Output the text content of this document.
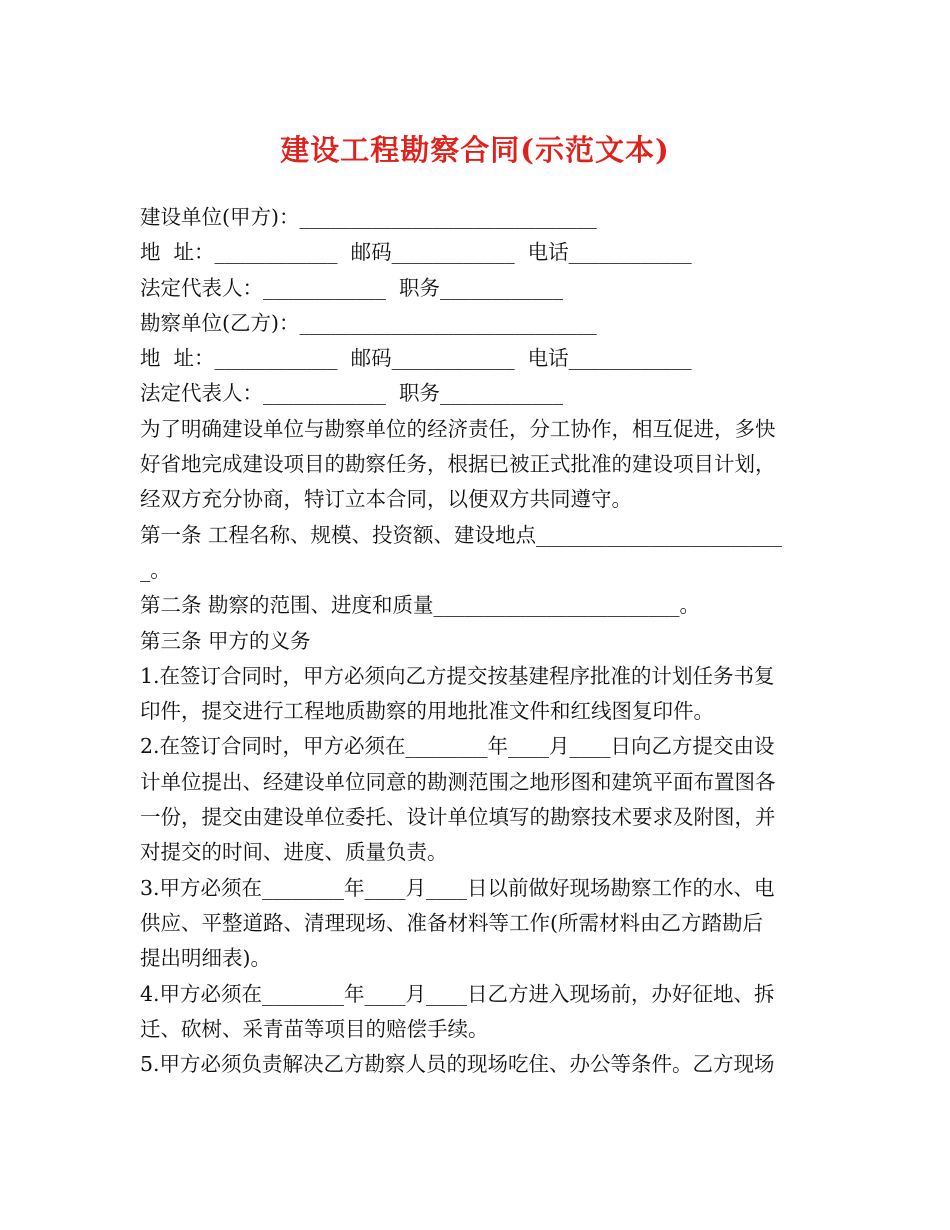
建设工程勘察合同(示范文本)
建设单位(甲方)：_____________________________
地  址：____________  邮码____________  电话____________
法定代表人：____________  职务____________
勘察单位(乙方)：_____________________________
地  址：____________  邮码____________  电话____________
法定代表人：____________  职务____________
为了明确建设单位与勘察单位的经济责任，分工协作，相互促进，多快
好省地完成建设项目的勘察任务，根据已被正式批准的建设项目计划，
经双方充分协商，特订立本合同，以便双方共同遵守。
第一条 工程名称、规模、投资额、建设地点________________________
_。
第二条 勘察的范围、进度和质量________________________。
第三条 甲方的义务
1.在签订合同时，甲方必须向乙方提交按基建程序批准的计划任务书复
印件，提交进行工程地质勘察的用地批准文件和红线图复印件。
2.在签订合同时，甲方必须在________年____月____日向乙方提交由设
计单位提出、经建设单位同意的勘测范围之地形图和建筑平面布置图各
一份，提交由建设单位委托、设计单位填写的勘察技术要求及附图，并
对提交的时间、进度、质量负责。
3.甲方必须在________年____月____日以前做好现场勘察工作的水、电
供应、平整道路、清理现场、准备材料等工作(所需材料由乙方踏勘后
提出明细表)。
4.甲方必须在________年____月____日乙方进入现场前，办好征地、拆
迁、砍树、采青苗等项目的赔偿手续。
5.甲方必须负责解决乙方勘察人员的现场吃住、办公等条件。乙方现场
